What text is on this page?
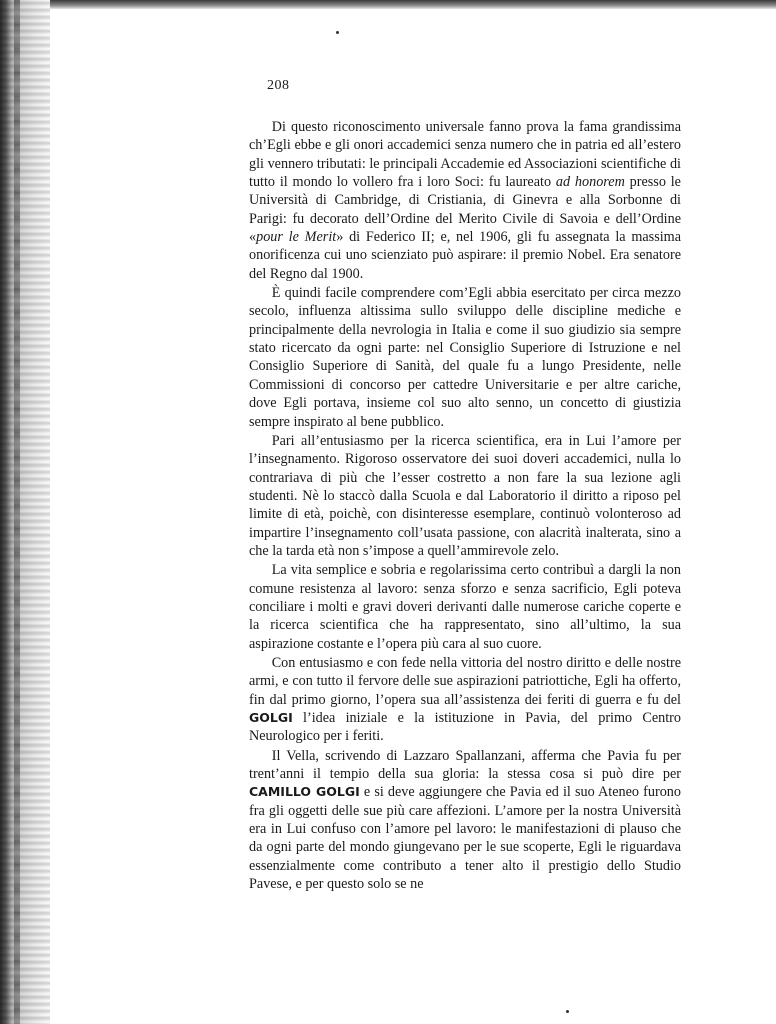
208

Di questo riconoscimento universale fanno prova la fama grandissima ch’Egli ebbe e gli onori accademici senza numero che in patria ed all’estero gli vennero tributati: le principali Accademie ed Associazioni scientifiche di tutto il mondo lo vollero fra i loro Soci: fu laureato ad honorem presso le Università di Cambridge, di Cristiania, di Ginevra e alla Sorbonne di Parigi: fu decorato dell’Ordine del Merito Civile di Savoia e dell’Ordine «pour le Merit» di Federico II; e, nel 1906, gli fu assegnata la massima onorificenza cui uno scienziato può aspirare: il premio Nobel. Era senatore del Regno dal 1900.

È quindi facile comprendere com’Egli abbia esercitato per circa mezzo secolo, influenza altissima sullo sviluppo delle discipline mediche e principalmente della nevrologia in Italia e come il suo giudizio sia sempre stato ricercato da ogni parte: nel Consiglio Superiore di Istruzione e nel Consiglio Superiore di Sanità, del quale fu a lungo Presidente, nelle Commissioni di concorso per cattedre Universitarie e per altre cariche, dove Egli portava, insieme col suo alto senno, un concetto di giustizia sempre inspirato al bene pubblico.

Pari all’entusiasmo per la ricerca scientifica, era in Lui l’amore per l’insegnamento. Rigoroso osservatore dei suoi doveri accademici, nulla lo contrariava di più che l’esser costretto a non fare la sua lezione agli studenti. Nè lo staccò dalla Scuola e dal Laboratorio il diritto a riposo pel limite di età, poichè, con disinteresse esemplare, continuò volonteroso ad impartire l’insegnamento coll’usata passione, con alacrità inalterata, sino a che la tarda età non s’impose a quell’ammirevole zelo.

La vita semplice e sobria e regolarissima certo contribuì a dargli la non comune resistenza al lavoro: senza sforzo e senza sacrificio, Egli poteva conciliare i molti e gravi doveri derivanti dalle numerose cariche coperte e la ricerca scientifica che ha rappresentato, sino all’ultimo, la sua aspirazione costante e l’opera più cara al suo cuore.

Con entusiasmo e con fede nella vittoria del nostro diritto e delle nostre armi, e con tutto il fervore delle sue aspirazioni patriottiche, Egli ha offerto, fin dal primo giorno, l’opera sua all’assistenza dei feriti di guerra e fu del GOLGI l’idea iniziale e la istituzione in Pavia, del primo Centro Neurologico per i feriti.

Il Vella, scrivendo di Lazzaro Spallanzani, afferma che Pavia fu per trent’anni il tempio della sua gloria: la stessa cosa si può dire per CAMILLO GOLGI e si deve aggiungere che Pavia ed il suo Ateneo furono fra gli oggetti delle sue più care affezioni. L’amore per la nostra Università era in Lui confuso con l’amore pel lavoro: le manifestazioni di plauso che da ogni parte del mondo giungevano per le sue scoperte, Egli le riguardava essenzialmente come contributo a tener alto il prestigio dello Studio Pavese, e per questo solo se ne
